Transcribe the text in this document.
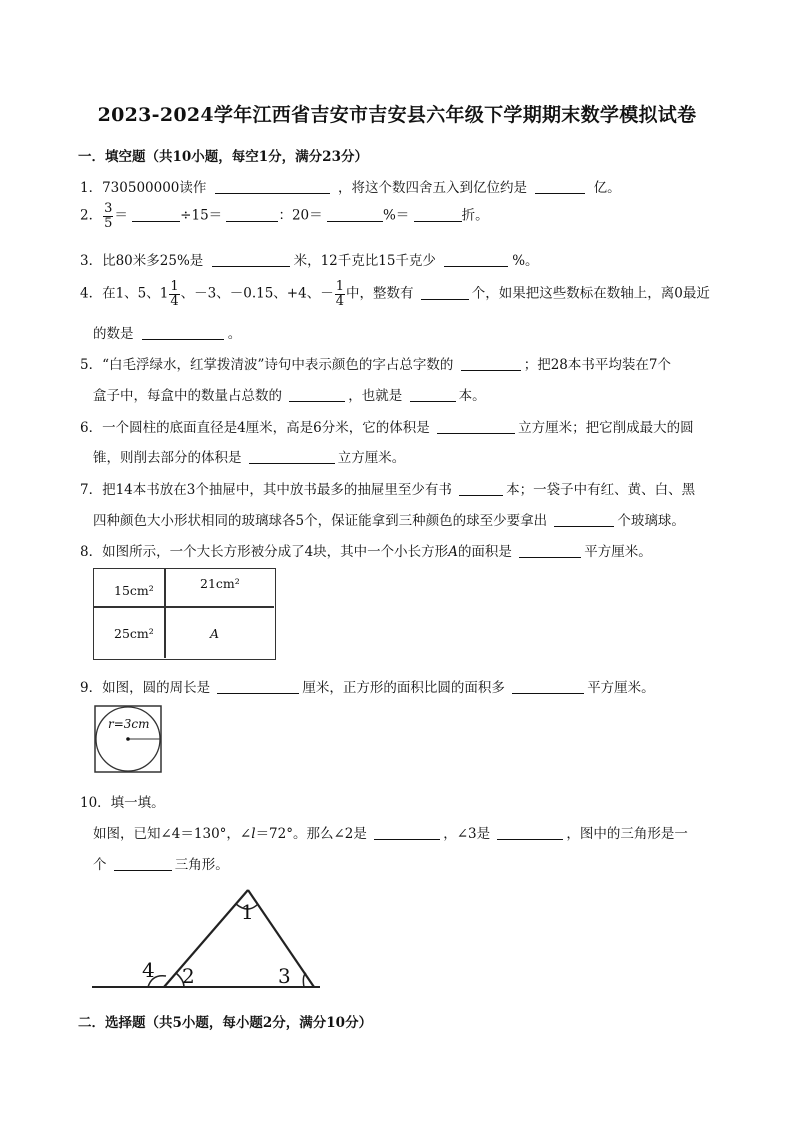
2023-2024学年江西省吉安市吉安县六年级下学期期末数学模拟试卷
一．填空题（共10小题，每空1分，满分23分）
1．730500000读作	，将这个数四舍五入到亿位约是	亿。
2． $\frac{3}{5}$ ＝	÷15＝	：20＝	%＝	折。
3．比80米多25%是	米，12千克比15千克少	%。
4．在1、5、$1 \frac{1}{4}$ 、－3、－0.15、+4、－ $\frac{1}{4}$ 中，整数有	个，如果把这些数标在数轴上，离0最近
的数是	。
5．“白毛浮绿水，红掌拨清波”诗句中表示颜色的字占总字数的	；把28本书平均装在7个
盒子中，每盒中的数量占总数的	，也就是	本。
6．一个圆柱的底面直径是4厘米，高是6分米，它的体积是	立方厘米；把它削成最大的圆
锥，则削去部分的体积是	立方厘米。
7．把14本书放在3个抽屉中，其中放书最多的抽屉里至少有书	本；一袋子中有红、黄、白、黑
四种颜色大小形状相同的玻璃球各5个，保证能拿到三种颜色的球至少要拿出	个玻璃球。
8．如图所示，一个大长方形被分成了4块，其中一个小长方形A的面积是	平方厘米。
15cm²	21cm²
25cm²	A
9．如图，圆的周长是	厘米，正方形的面积比圆的面积多	平方厘米。
r=3cm
10．填一填。
如图，已知∠4＝130°，∠l＝72°。那么∠2是	，∠3是	，图中的三角形是一
个	三角形。
1
2	3
4
二．选择题（共5小题，每小题2分，满分10分）
